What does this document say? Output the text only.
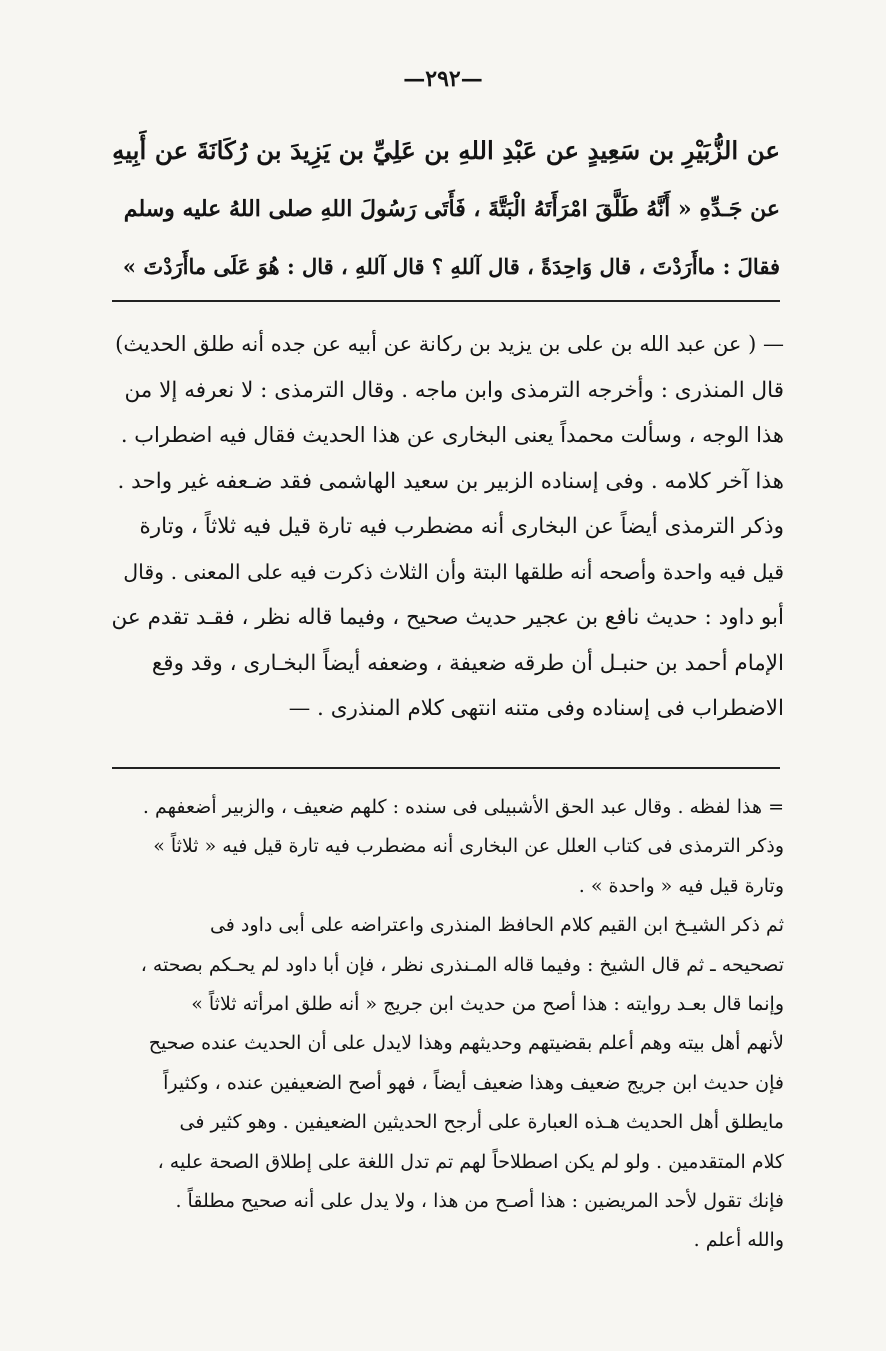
—٢٩٢—
عن الزُّبَيْرِ بن سَعِيدٍ عن عَبْدِ اللهِ بن عَلِيِّ بن يَزِيدَ بن رُكَانَةَ عن أَبِيهِ
عن جَـدِّهِ « أَنَّهُ طَلَّقَ امْرَأَتَهُ الْبَتَّةَ ، فَأَتَى رَسُولَ اللهِ صلى اللهُ عليه وسلم
فقالَ : ماأَرَدْتَ ، قال وَاحِدَةً ، قال آللهِ ؟ قال آللهِ ، قال : هُوَ عَلَى ماأَرَدْتَ »
— ( عن عبد الله بن على بن يزيد بن ركانة عن أبيه عن جده أنه طلق الحديث)
قال المنذرى : وأخرجه الترمذى وابن ماجه . وقال الترمذى : لا نعرفه إلا من
هذا الوجه ، وسألت محمداً يعنى البخارى عن هذا الحديث فقال فيه اضطراب .
هذا آخر كلامه . وفى إسناده الزبير بن سعيد الهاشمى فقد ضـعفه غير واحد .
وذكر الترمذى أيضاً عن البخارى أنه مضطرب فيه تارة قيل فيه ثلاثاً ، وتارة
قيل فيه واحدة وأصحه أنه طلقها البتة وأن الثلاث ذكرت فيه على المعنى . وقال
أبو داود : حديث نافع بن عجير حديث صحيح ، وفيما قاله نظر ، فقـد تقدم عن
الإمام أحمد بن حنبـل أن طرقه ضعيفة ، وضعفه أيضاً البخـارى ، وقد وقع
الاضطراب فى إسناده وفى متنه انتهى كلام المنذرى . —
= هذا لفظه . وقال عبد الحق الأشبيلى فى سنده : كلهم ضعيف ، والزبير أضعفهم .
وذكر الترمذى فى كتاب العلل عن البخارى أنه مضطرب فيه تارة قيل فيه « ثلاثاً »
وتارة قيل فيه « واحدة » .
ثم ذكر الشيـخ ابن القيم كلام الحافظ المنذرى واعتراضه على أبى داود فى
تصحيحه ـ ثم قال الشيخ : وفيما قاله المـنذرى نظر ، فإن أبا داود لم يحـكم بصحته ،
وإنما قال بعـد روايته : هذا أصح من حديث ابن جريج « أنه طلق امرأته ثلاثاً »
لأنهم أهل بيته وهم أعلم بقضيتهم وحديثهم وهذا لايدل على أن الحديث عنده صحيح
فإن حديث ابن جريج ضعيف وهذا ضعيف أيضاً ، فهو أصح الضعيفين عنده ، وكثيراً
مايطلق أهل الحديث هـذه العبارة على أرجح الحديثين الضعيفين . وهو كثير فى
كلام المتقدمين . ولو لم يكن اصطلاحاً لهم تم تدل اللغة على إطلاق الصحة عليه ،
فإنك تقول لأحد المريضين : هذا أصـح من هذا ، ولا يدل على أنه صحيح مطلقاً .
والله أعلم .
